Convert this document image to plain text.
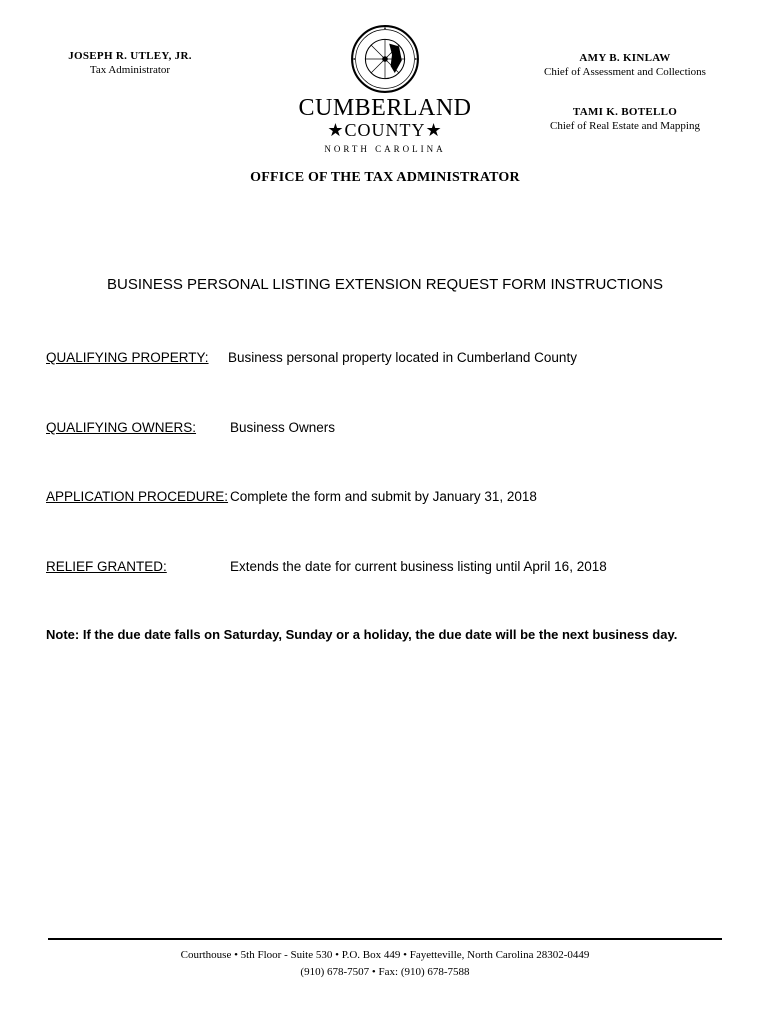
JOSEPH R. UTLEY, JR.
Tax Administrator
AMY B. KINLAW
Chief of Assessment and Collections
TAMI K. BOTELLO
Chief of Real Estate and Mapping
CUMBERLAND
★COUNTY★
NORTH CAROLINA
OFFICE OF THE TAX ADMINISTRATOR
BUSINESS PERSONAL LISTING EXTENSION REQUEST FORM INSTRUCTIONS
QUALIFYING PROPERTY: Business personal property located in Cumberland County
QUALIFYING OWNERS:	Business Owners
APPLICATION PROCEDURE: Complete the form and submit by January 31, 2018
RELIEF GRANTED:	Extends the date for current business listing until April 16, 2018
Note: If the due date falls on Saturday, Sunday or a holiday, the due date will be the next business day.
Courthouse • 5th Floor - Suite 530 • P.O. Box 449 • Fayetteville, North Carolina 28302-0449
(910) 678-7507 • Fax: (910) 678-7588
